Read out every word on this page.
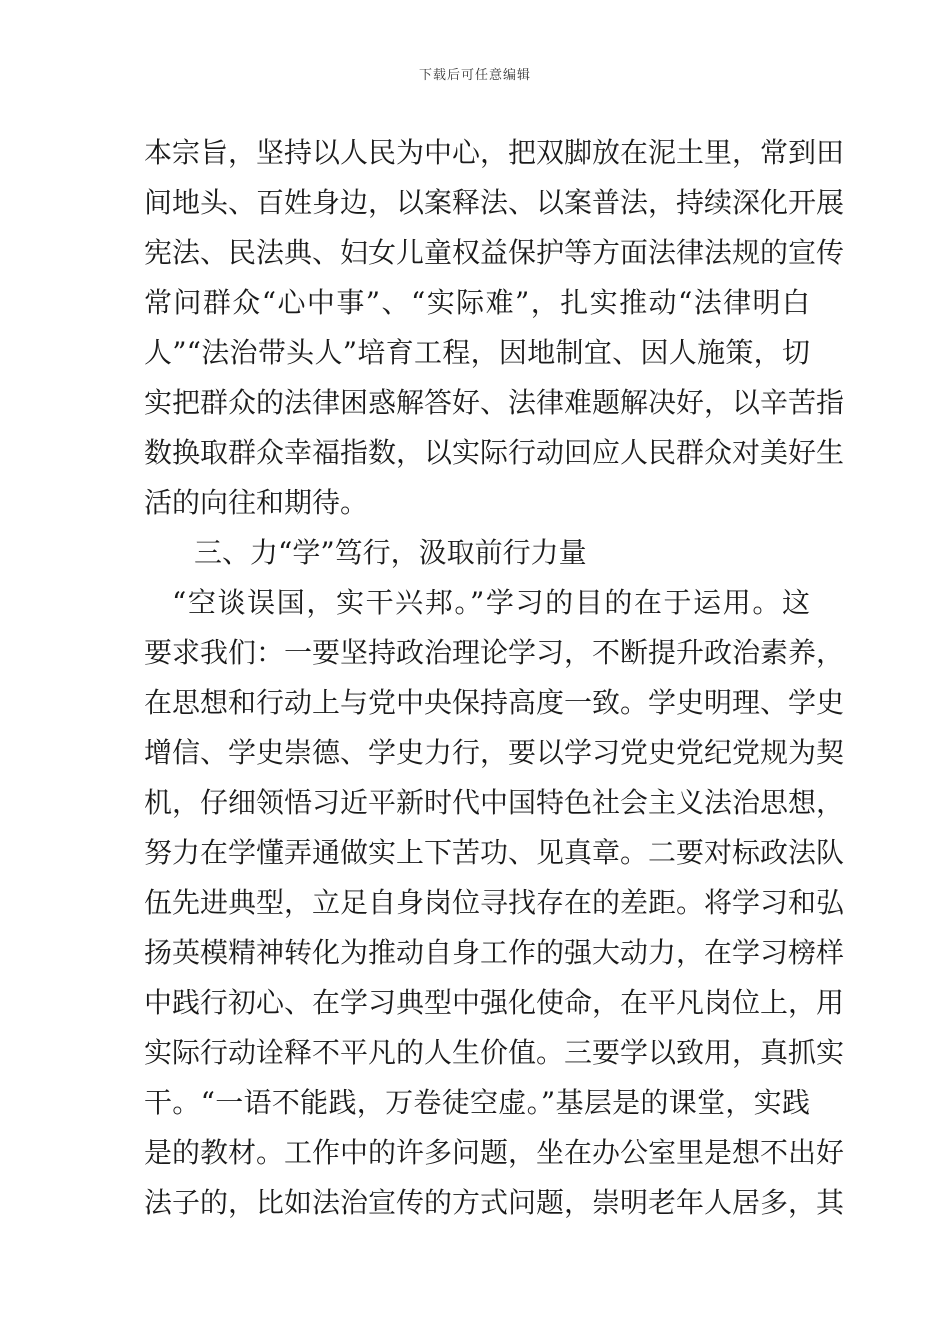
下载后可任意编辑
本宗旨，坚持以人民为中心，把双脚放在泥土里，常到田
间地头、百姓身边，以案释法、以案普法，持续深化开展
宪法、民法典、妇女儿童权益保护等方面法律法规的宣传
常问群众“心中事”、“实际难”，扎实推动“法律明白
人”“法治带头人”培育工程，因地制宜、因人施策，切
实把群众的法律困惑解答好、法律难题解决好，以辛苦指
数换取群众幸福指数，以实际行动回应人民群众对美好生
活的向往和期待。
三、力“学”笃行，汲取前行力量
“空谈误国，实干兴邦。”学习的目的在于运用。这
要求我们：一要坚持政治理论学习，不断提升政治素养，
在思想和行动上与党中央保持高度一致。学史明理、学史
增信、学史崇德、学史力行，要以学习党史党纪党规为契
机，仔细领悟习近平新时代中国特色社会主义法治思想，
努力在学懂弄通做实上下苦功、见真章。二要对标政法队
伍先进典型，立足自身岗位寻找存在的差距。将学习和弘
扬英模精神转化为推动自身工作的强大动力，在学习榜样
中践行初心、在学习典型中强化使命，在平凡岗位上，用
实际行动诠释不平凡的人生价值。三要学以致用，真抓实
干。“一语不能践，万卷徒空虚。”基层是的课堂，实践
是的教材。工作中的许多问题，坐在办公室里是想不出好
法子的，比如法治宣传的方式问题，崇明老年人居多，其
